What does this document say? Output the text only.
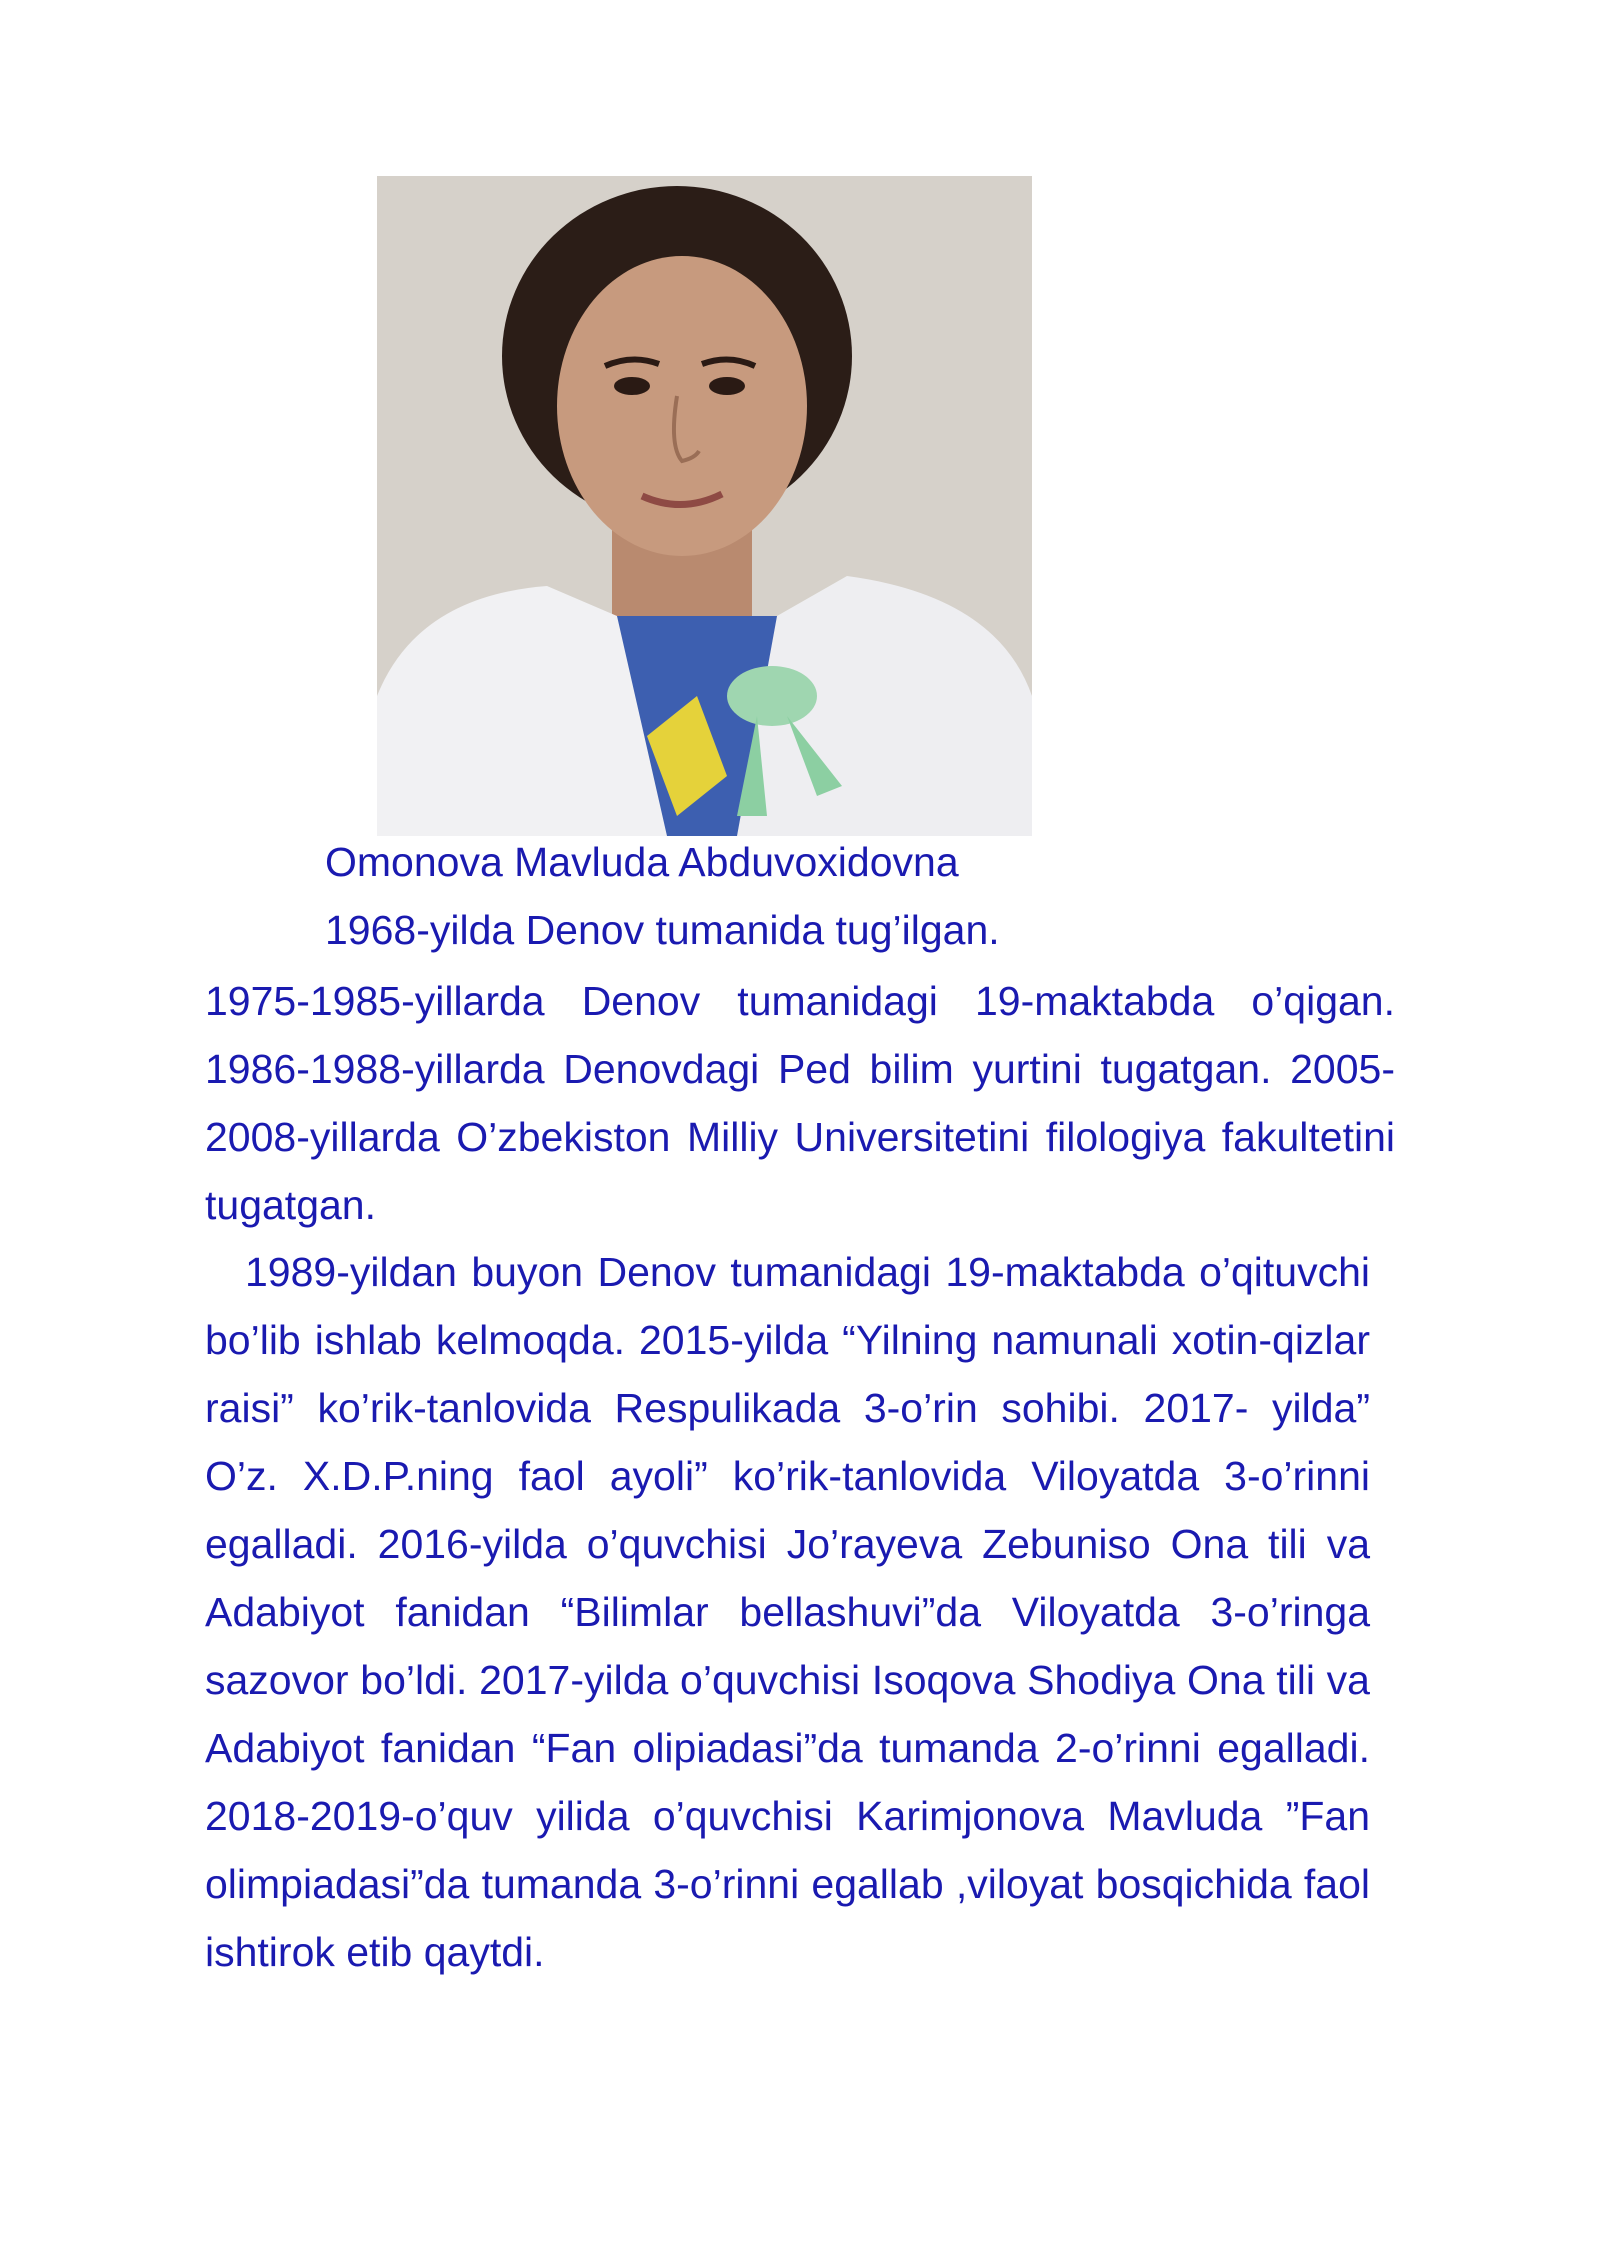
Omonova Mavluda Abduvoxidovna
1968-yilda Denov tumanida tug’ilgan.

1975-1985-yillarda Denov tumanidagi 19-maktabda o’qigan. 1986-1988-yillarda Denovdagi Ped bilim yurtini tugatgan. 2005-2008-yillarda O’zbekiston Milliy Universitetini filologiya fakultetini tugatgan.

1989-yildan buyon Denov tumanidagi 19-maktabda o’qituvchi bo’lib ishlab kelmoqda. 2015-yilda “Yilning namunali xotin-qizlar raisi” ko’rik-tanlovida Respulikada 3-o’rin sohibi. 2017- yilda” O’z. X.D.P.ning faol ayoli” ko’rik-tanlovida Viloyatda 3-o’rinni egalladi. 2016-yilda o’quvchisi Jo’rayeva Zebuniso Ona tili va Adabiyot fanidan “Bilimlar bellashuvi”da Viloyatda 3-o’ringa sazovor bo’ldi. 2017-yilda o’quvchisi Isoqova Shodiya Ona tili va Adabiyot fanidan “Fan olipiadasi”da tumanda 2-o’rinni egalladi. 2018-2019-o’quv yilida o’quvchisi Karimjonova Mavluda ”Fan olimpiadasi”da tumanda 3-o’rinni egallab ,viloyat bosqichida faol ishtirok etib qaytdi.
